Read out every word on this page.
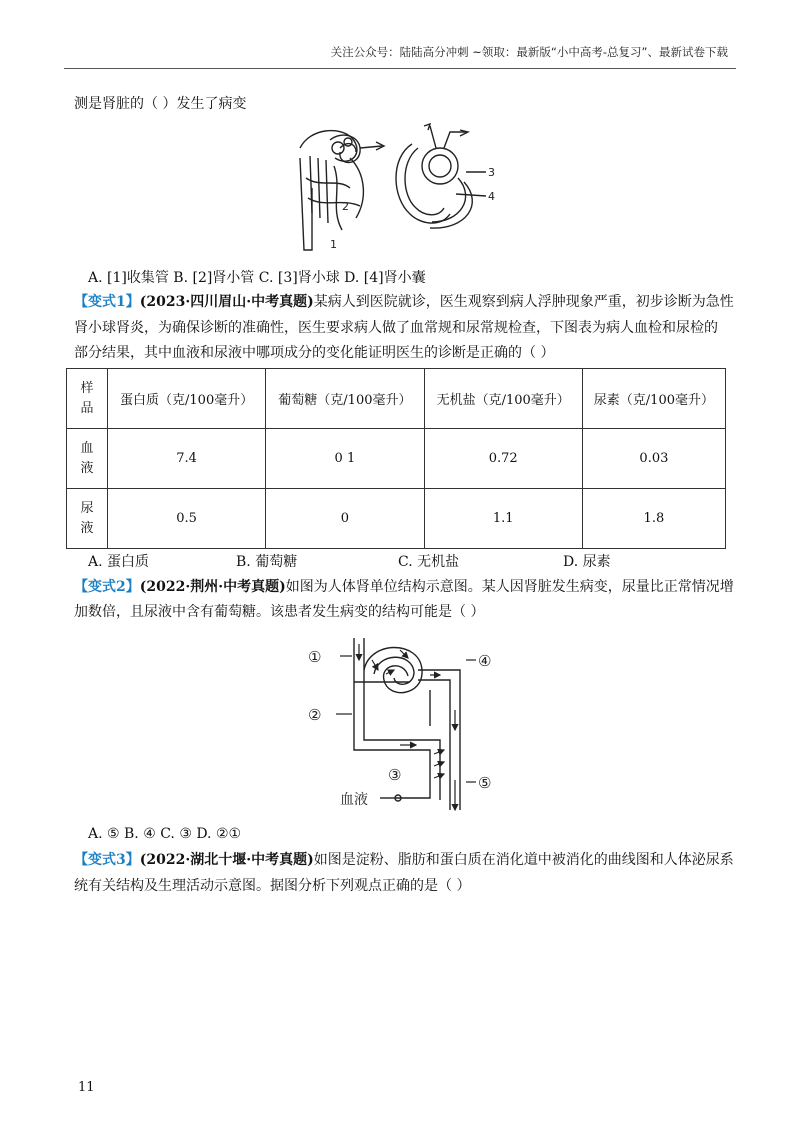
关注公众号：陆陆高分冲刺 ~领取：最新版“小中高考-总复习”、最新试卷下载
测是肾脏的（ ）发生了病变
1
2
3
4
A. [1]收集管 B. [2]肾小管 C. [3]肾小球 D. [4]肾小囊
【变式1】(2023·四川眉山·中考真题)某病人到医院就诊，医生观察到病人浮肿现象严重，初步诊断为急性
肾小球肾炎，为确保诊断的准确性，医生要求病人做了血常规和尿常规检查，下图表为病人血检和尿检的
部分结果，其中血液和尿液中哪项成分的变化能证明医生的诊断是正确的（ ）
样
品	蛋白质（克/100毫升）	葡萄糖（克/100毫升）	无机盐（克/100毫升）	尿素（克/100毫升）
血
液	7.4	0 1	0.72	0.03
尿
液	0.5	0	1.1	1.8
A. 蛋白质	B. 葡萄糖	C. 无机盐	D. 尿素
【变式2】(2022·荆州·中考真题)如图为人体肾单位结构示意图。某人因肾脏发生病变，尿量比正常情况增
加数倍，且尿液中含有葡萄糖。该患者发生病变的结构可能是（ ）
①
②
③
④
⑤
血液
A. ⑤ B. ④ C. ③ D. ②①
【变式3】(2022·湖北十堰·中考真题)如图是淀粉、脂肪和蛋白质在消化道中被消化的曲线图和人体泌尿系
统有关结构及生理活动示意图。据图分析下列观点正确的是（ ）
11
